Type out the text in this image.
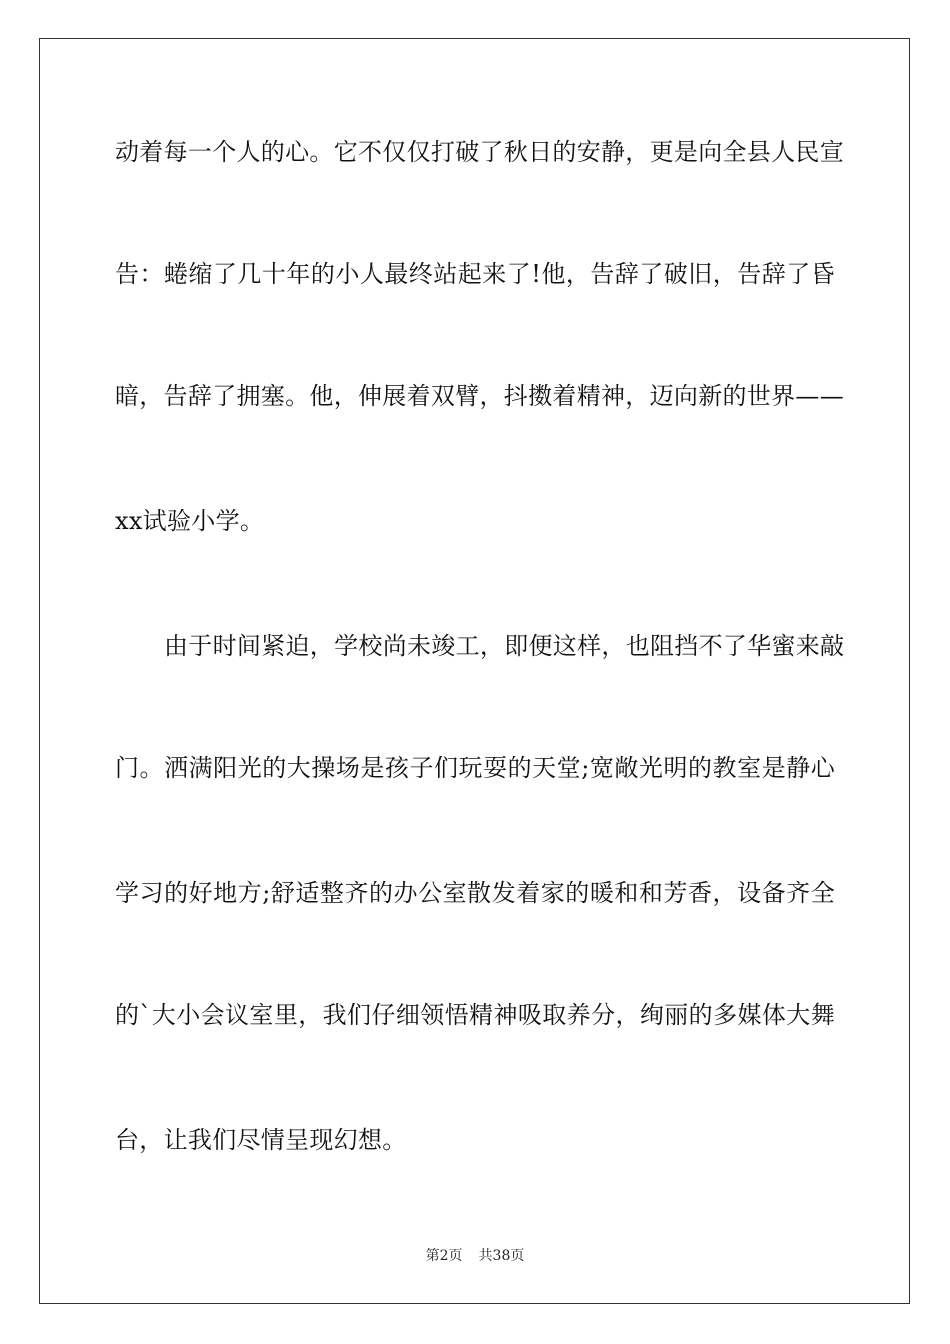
动着每一个人的心。它不仅仅打破了秋日的安静，更是向全县人民宣
告：蜷缩了几十年的小人最终站起来了!他，告辞了破旧，告辞了昏
暗，告辞了拥塞。他，伸展着双臂，抖擞着精神，迈向新的世界——
xx试验小学。
由于时间紧迫，学校尚未竣工，即便这样，也阻挡不了华蜜来敲
门。洒满阳光的大操场是孩子们玩耍的天堂;宽敞光明的教室是静心
学习的好地方;舒适整齐的办公室散发着家的暖和和芳香，设备齐全
的`大小会议室里，我们仔细领悟精神吸取养分，绚丽的多媒体大舞
台，让我们尽情呈现幻想。
第2页 共38页
